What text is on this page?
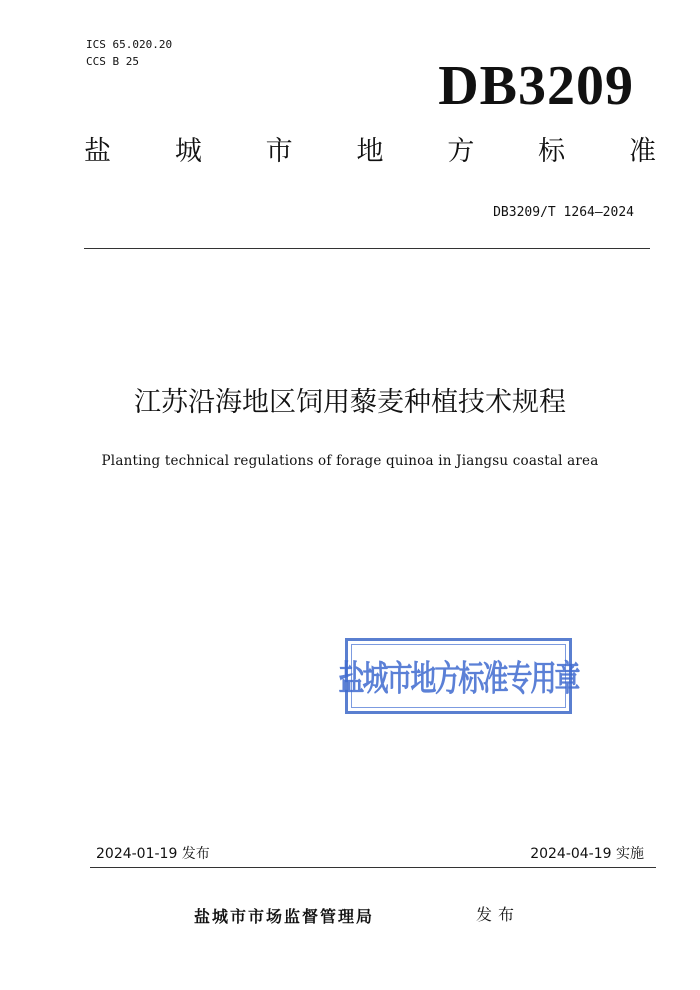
ICS 65.020.20
CCS B 25	DB3209
盐 城 市 地 方 标 准
DB3209/T 1264—2024
江苏沿海地区饲用藜麦种植技术规程
Planting technical regulations of forage quinoa in Jiangsu coastal area
盐城市地方标准专用章
2024-01-19 发布	2024-04-19 实施
盐城市市场监督管理局	发布
